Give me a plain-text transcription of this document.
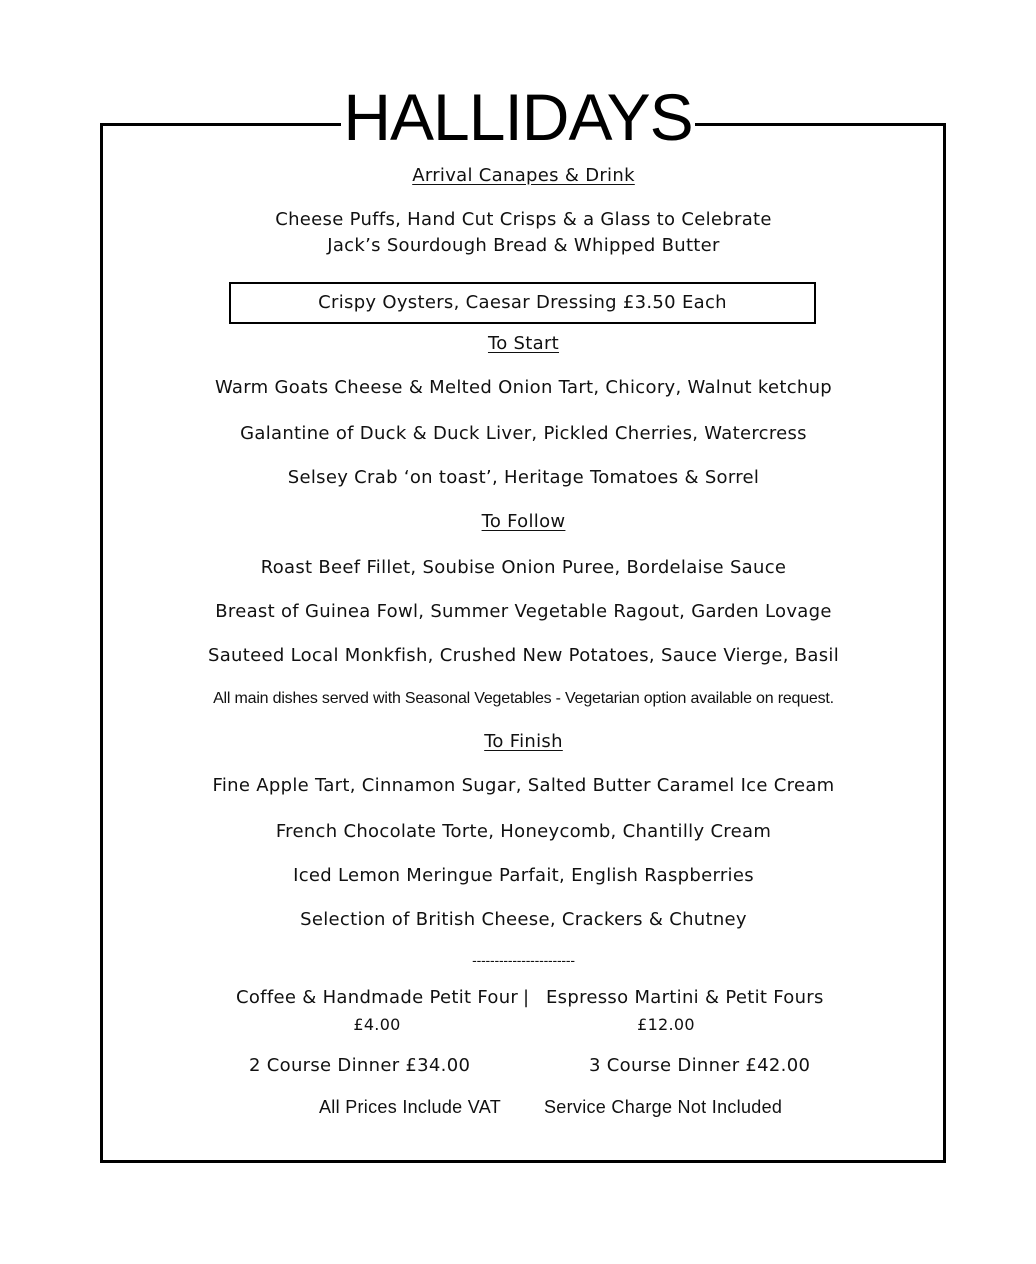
HALLIDAYS
Arrival Canapes & Drink
Cheese Puffs, Hand Cut Crisps & a Glass to Celebrate
Jack’s Sourdough Bread & Whipped Butter
Crispy Oysters, Caesar Dressing £3.50 Each
To Start
Warm Goats Cheese & Melted Onion Tart, Chicory, Walnut ketchup
Galantine of Duck & Duck Liver, Pickled Cherries, Watercress
Selsey Crab ‘on toast’, Heritage Tomatoes & Sorrel
To Follow
Roast Beef Fillet, Soubise Onion Puree, Bordelaise Sauce
Breast of Guinea Fowl, Summer Vegetable Ragout, Garden Lovage
Sauteed Local Monkfish, Crushed New Potatoes, Sauce Vierge, Basil
All main dishes served with Seasonal Vegetables - Vegetarian option available on request.
To Finish
Fine Apple Tart, Cinnamon Sugar, Salted Butter Caramel Ice Cream
French Chocolate Torte, Honeycomb, Chantilly Cream
Iced Lemon Meringue Parfait, English Raspberries
Selection of British Cheese, Crackers & Chutney
-----------------------
Coffee & Handmade Petit Four | Espresso Martini & Petit Fours
£4.00	£12.00
2 Course Dinner £34.00	3 Course Dinner £42.00
All Prices Include VAT Service Charge Not Included
